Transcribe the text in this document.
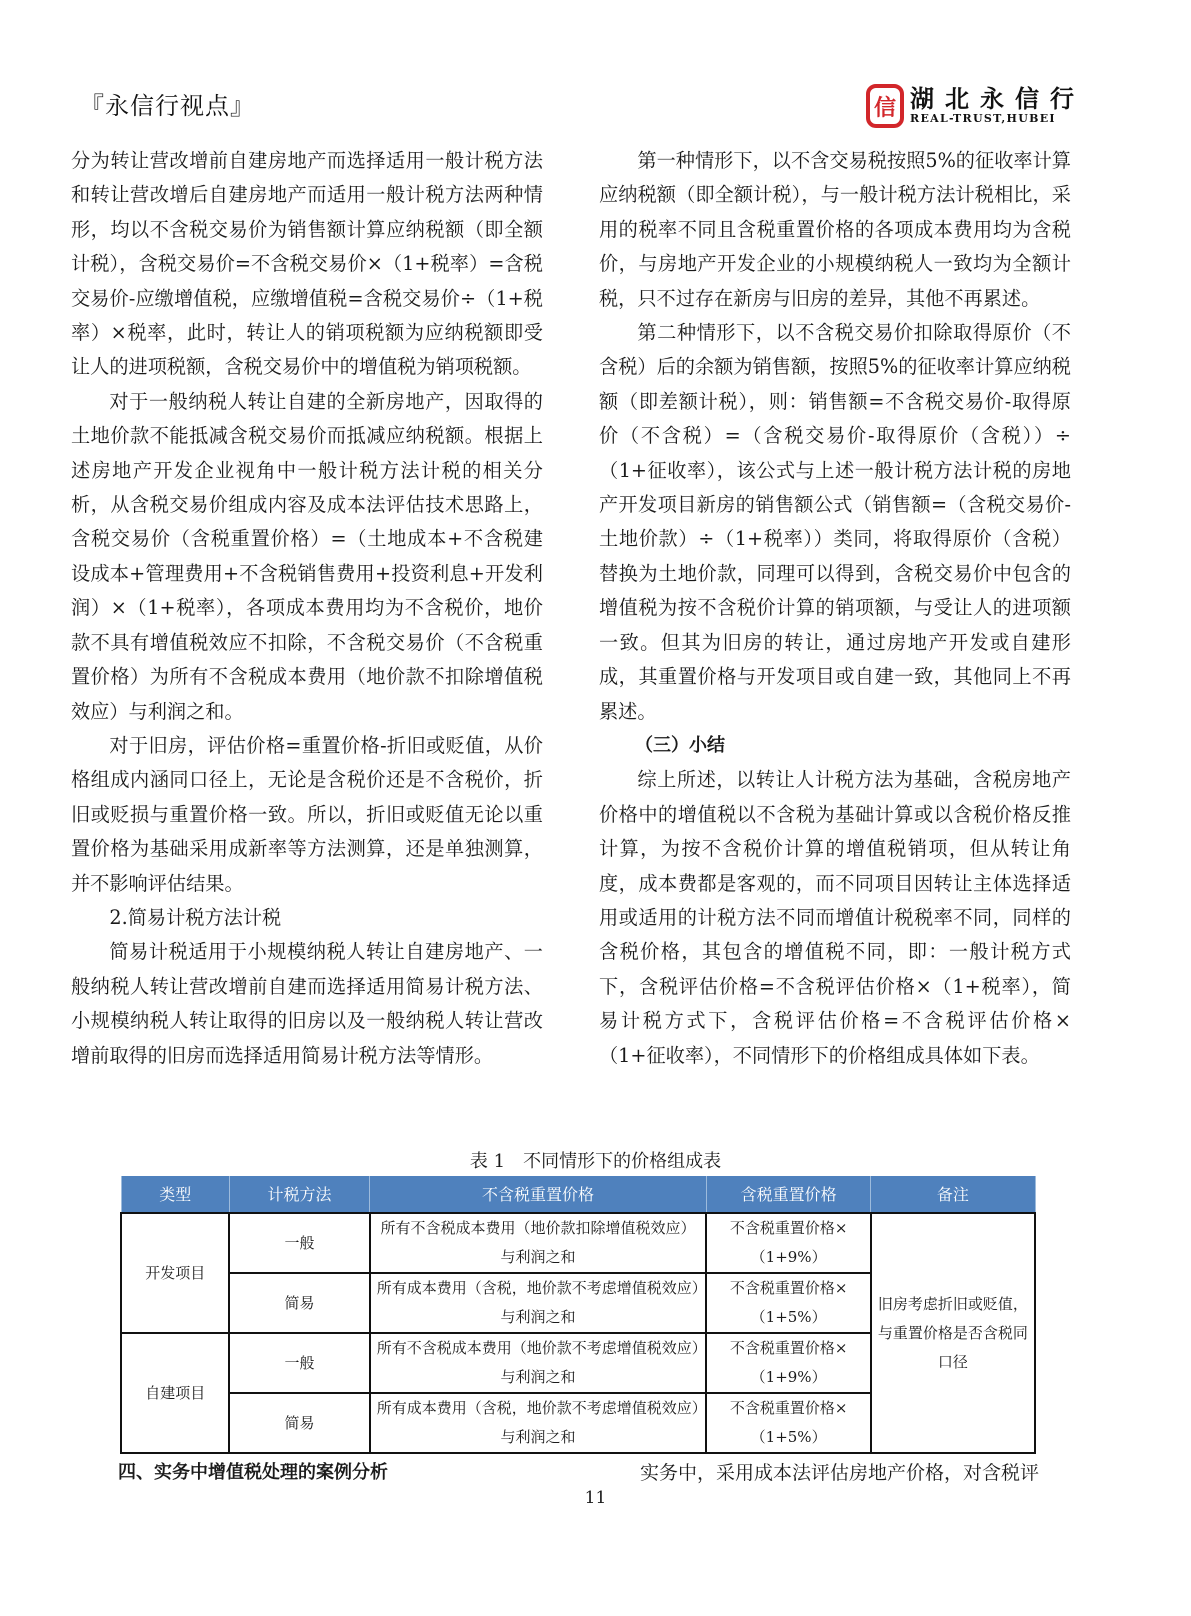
『永信行视点』	信 湖北永信行
REAL-TRUST,HUBEI

分为转让营改增前自建房地产而选择适用一般计税方法和转让营改增后自建房地产而适用一般计税方法两种情形，均以不含税交易价为销售额计算应纳税额（即全额计税），含税交易价=不含税交易价×（1+税率）=含税交易价-应缴增值税，应缴增值税=含税交易价÷（1+税率）×税率，此时，转让人的销项税额为应纳税额即受让人的进项税额，含税交易价中的增值税为销项税额。

对于一般纳税人转让自建的全新房地产，因取得的土地价款不能抵减含税交易价而抵减应纳税额。根据上述房地产开发企业视角中一般计税方法计税的相关分析，从含税交易价组成内容及成本法评估技术思路上，含税交易价（含税重置价格）=（土地成本+不含税建设成本+管理费用+不含税销售费用+投资利息+开发利润）×（1+税率），各项成本费用均为不含税价，地价款不具有增值税效应不扣除，不含税交易价（不含税重置价格）为所有不含税成本费用（地价款不扣除增值税效应）与利润之和。

对于旧房，评估价格=重置价格-折旧或贬值，从价格组成内涵同口径上，无论是含税价还是不含税价，折旧或贬损与重置价格一致。所以，折旧或贬值无论以重置价格为基础采用成新率等方法测算，还是单独测算，并不影响评估结果。

2.简易计税方法计税

简易计税适用于小规模纳税人转让自建房地产、一般纳税人转让营改增前自建而选择适用简易计税方法、小规模纳税人转让取得的旧房以及一般纳税人转让营改增前取得的旧房而选择适用简易计税方法等情形。

第一种情形下，以不含交易税按照5%的征收率计算应纳税额（即全额计税），与一般计税方法计税相比，采用的税率不同且含税重置价格的各项成本费用均为含税价，与房地产开发企业的小规模纳税人一致均为全额计税，只不过存在新房与旧房的差异，其他不再累述。

第二种情形下，以不含税交易价扣除取得原价（不含税）后的余额为销售额，按照5%的征收率计算应纳税额（即差额计税），则：销售额=不含税交易价-取得原价（不含税）=（含税交易价-取得原价（含税））÷（1+征收率），该公式与上述一般计税方法计税的房地产开发项目新房的销售额公式（销售额=（含税交易价-土地价款）÷（1+税率））类同，将取得原价（含税）替换为土地价款，同理可以得到，含税交易价中包含的增值税为按不含税价计算的销项额，与受让人的进项额一致。但其为旧房的转让，通过房地产开发或自建形成，其重置价格与开发项目或自建一致，其他同上不再累述。

（三）小结

综上所述，以转让人计税方法为基础，含税房地产价格中的增值税以不含税为基础计算或以含税价格反推计算，为按不含税价计算的增值税销项，但从转让角度，成本费都是客观的，而不同项目因转让主体选择适用或适用的计税方法不同而增值计税税率不同，同样的含税价格，其包含的增值税不同，即：一般计税方式下，含税评估价格=不含税评估价格×（1+税率），简易计税方式下，含税评估价格=不含税评估价格×（1+征收率），不同情形下的价格组成具体如下表。

表 1　不同情形下的价格组成表
类型	计税方法	不含税重置价格	含税重置价格	备注
开发项目	一般	所有不含税成本费用（地价款扣除增值税效应）与利润之和	不含税重置价格×（1+9%）	旧房考虑折旧或贬值，与重置价格是否含税同口径
	简易	所有成本费用（含税，地价款不考虑增值税效应）与利润之和	不含税重置价格×（1+5%）	
自建项目	一般	所有不含税成本费用（地价款不考虑增值税效应）与利润之和	不含税重置价格×（1+9%）	
	简易	所有成本费用（含税，地价款不考虑增值税效应）与利润之和	不含税重置价格×（1+5%）	
四、实务中增值税处理的案例分析	实务中，采用成本法评估房地产价格，对含税评
11
